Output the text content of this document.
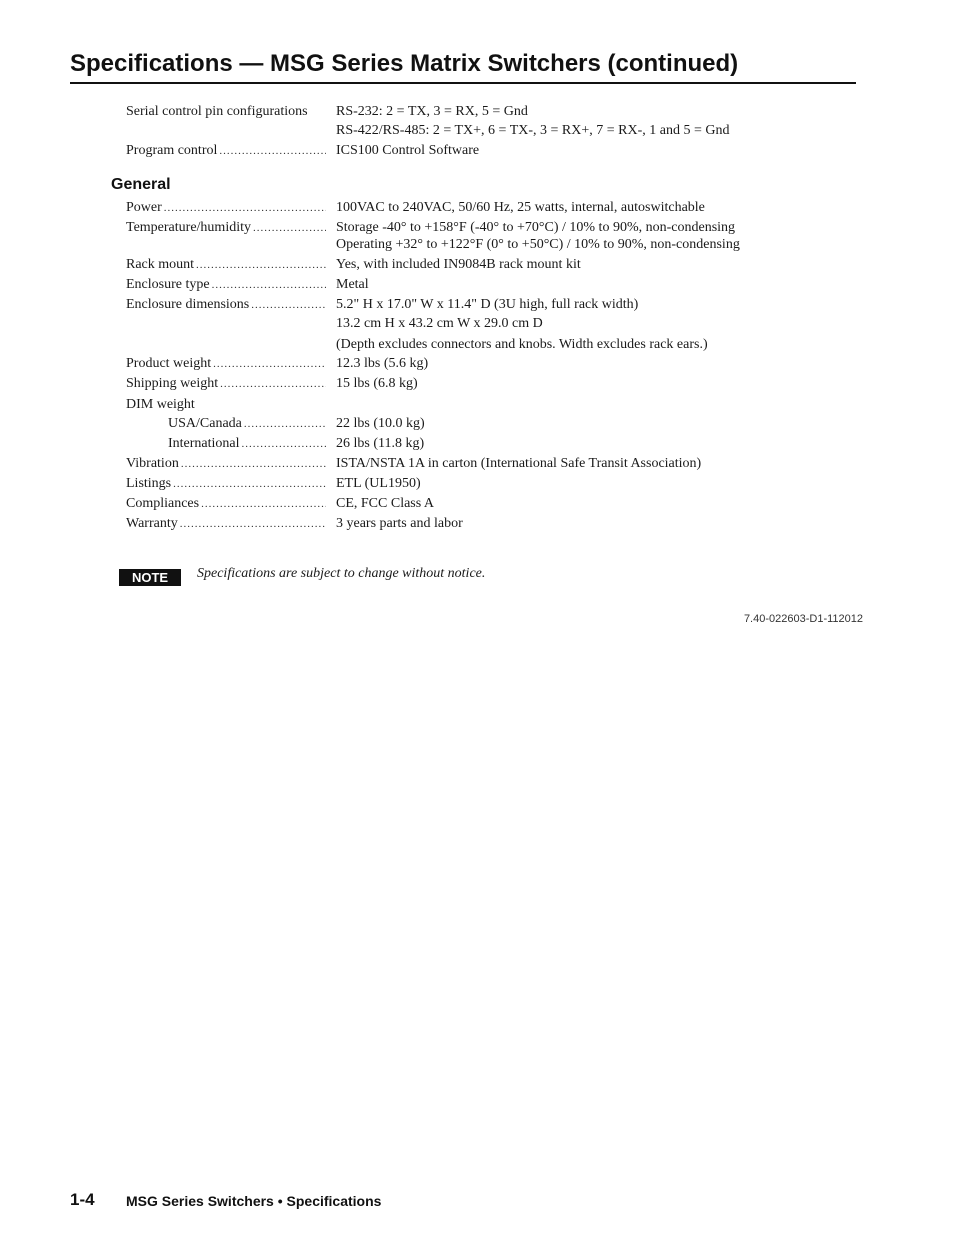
Specifications — MSG Series Matrix Switchers (continued)
Serial control pin configurations RS-232: 2 = TX, 3 = RX, 5 = Gnd
RS-422/RS-485: 2 = TX+, 6 = TX-, 3 = RX+, 7 = RX-, 1 and 5 = Gnd
Program control .....	ICS100 Control Software
General
Power .....	100VAC to 240VAC, 50/60 Hz, 25 watts, internal, autoswitchable
Temperature/humidity .....	Storage -40° to +158°F (-40° to +70°C) / 10% to 90%, non-condensing
Operating +32° to +122°F (0° to +50°C) / 10% to 90%, non-condensing
Rack mount .....	Yes, with included IN9084B rack mount kit
Enclosure type .....	Metal
Enclosure dimensions .....	5.2" H x 17.0" W x 11.4" D (3U high, full rack width)
13.2 cm H x 43.2 cm W x 29.0 cm D
(Depth excludes connectors and knobs. Width excludes rack ears.)
Product weight .....	12.3 lbs (5.6 kg)
Shipping weight .....	15 lbs (6.8 kg)
DIM weight
USA/Canada .....	22 lbs (10.0 kg)
International .....	26 lbs (11.8 kg)
Vibration .....	ISTA/NSTA 1A in carton (International Safe Transit Association)
Listings .....	ETL (UL1950)
Compliances .....	CE, FCC Class A
Warranty .....	3 years parts and labor
NOTE	Specifications are subject to change without notice.
7.40-022603-D1-112012
1-4 MSG Series Switchers • Specifications
